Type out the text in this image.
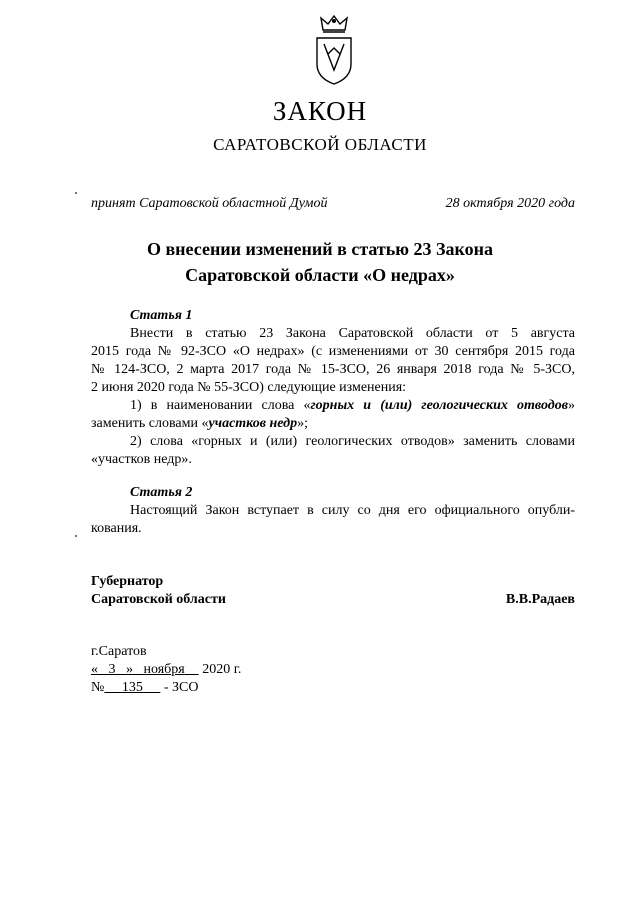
ЗАКОН
САРАТОВСКОЙ ОБЛАСТИ
принят Саратовской областной Думой	28 октября 2020 года
О внесении изменений в статью 23 Закона
Саратовской области «О недрах»
Статья 1
Внести в статью 23 Закона Саратовской области от 5 августа
2015 года № 92-ЗСО «О недрах» (с изменениями от 30 сентября 2015 года
№ 124-ЗСО, 2 марта 2017 года № 15-ЗСО, 26 января 2018 года № 5-ЗСО,
2 июня 2020 года № 55-ЗСО) следующие изменения:
1) в наименовании слова «горных и (или) геологических отводов»
заменить словами «участков недр»;
2) слова «горных и (или) геологических отводов» заменить словами
«участков недр».
Статья 2
Настоящий Закон вступает в силу со дня его официального опубли-
кования.
Губернатор
Саратовской области	В.В.Радаев
г.Саратов
« 3 » ноября 2020 г.
№ 135 - ЗСО
